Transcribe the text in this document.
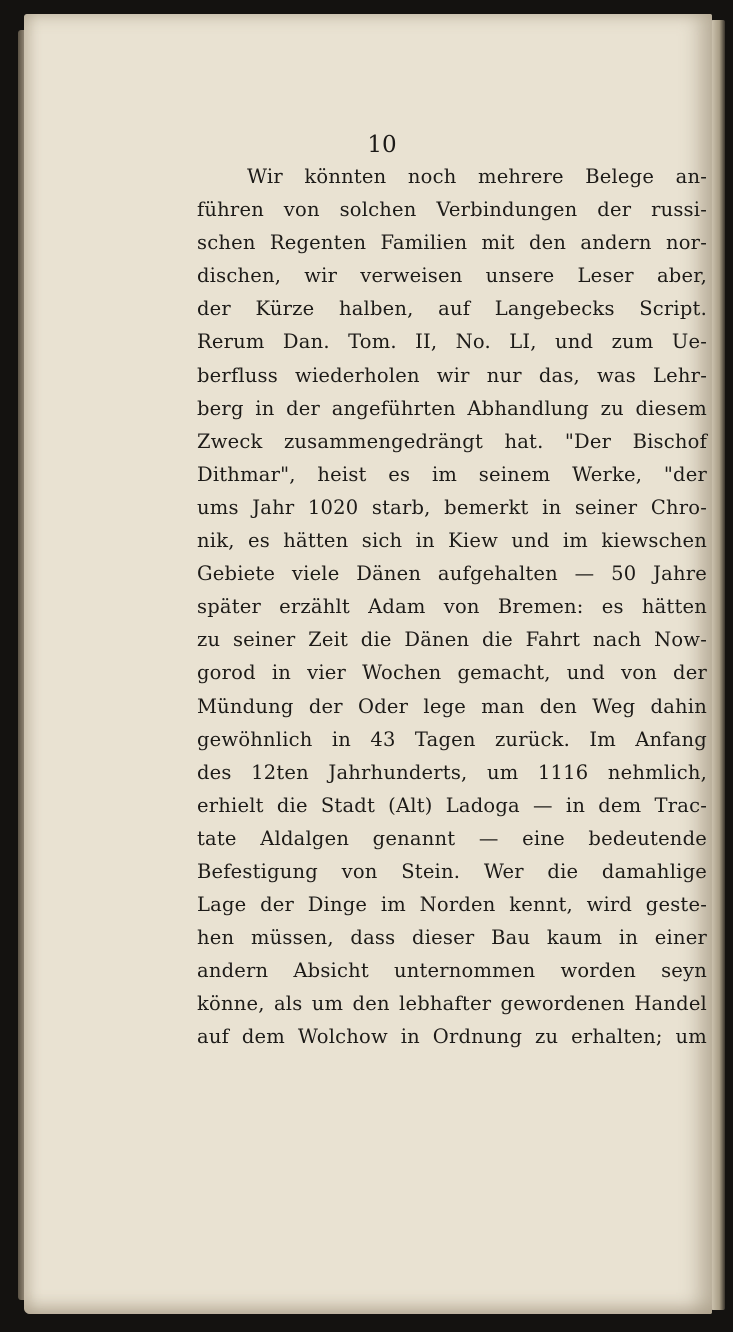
10

Wir könnten noch mehrere Belege an-
führen von solchen Verbindungen der russi-
schen Regenten Familien mit den andern nor-
dischen, wir verweisen unsere Leser aber,
der Kürze halben, auf Langebecks Script.
Rerum Dan. Tom. II, No. LI, und zum Ue-
berfluss wiederholen wir nur das, was Lehr-
berg in der angeführten Abhandlung zu diesem
Zweck zusammengedrängt hat. "Der Bischof
Dithmar", heist es im seinem Werke, "der
ums Jahr 1020 starb, bemerkt in seiner Chro-
nik, es hätten sich in Kiew und im kiewschen
Gebiete viele Dänen aufgehalten — 50 Jahre
später erzählt Adam von Bremen: es hätten
zu seiner Zeit die Dänen die Fahrt nach Now-
gorod in vier Wochen gemacht, und von der
Mündung der Oder lege man den Weg dahin
gewöhnlich in 43 Tagen zurück. Im Anfang
des 12ten Jahrhunderts, um 1116 nehmlich,
erhielt die Stadt (Alt) Ladoga — in dem Trac-
tate Aldalgen genannt — eine bedeutende
Befestigung von Stein. Wer die damahlige
Lage der Dinge im Norden kennt, wird geste-
hen müssen, dass dieser Bau kaum in einer
andern Absicht unternommen worden seyn
könne, als um den lebhafter gewordenen Handel
auf dem Wolchow in Ordnung zu erhalten; um
